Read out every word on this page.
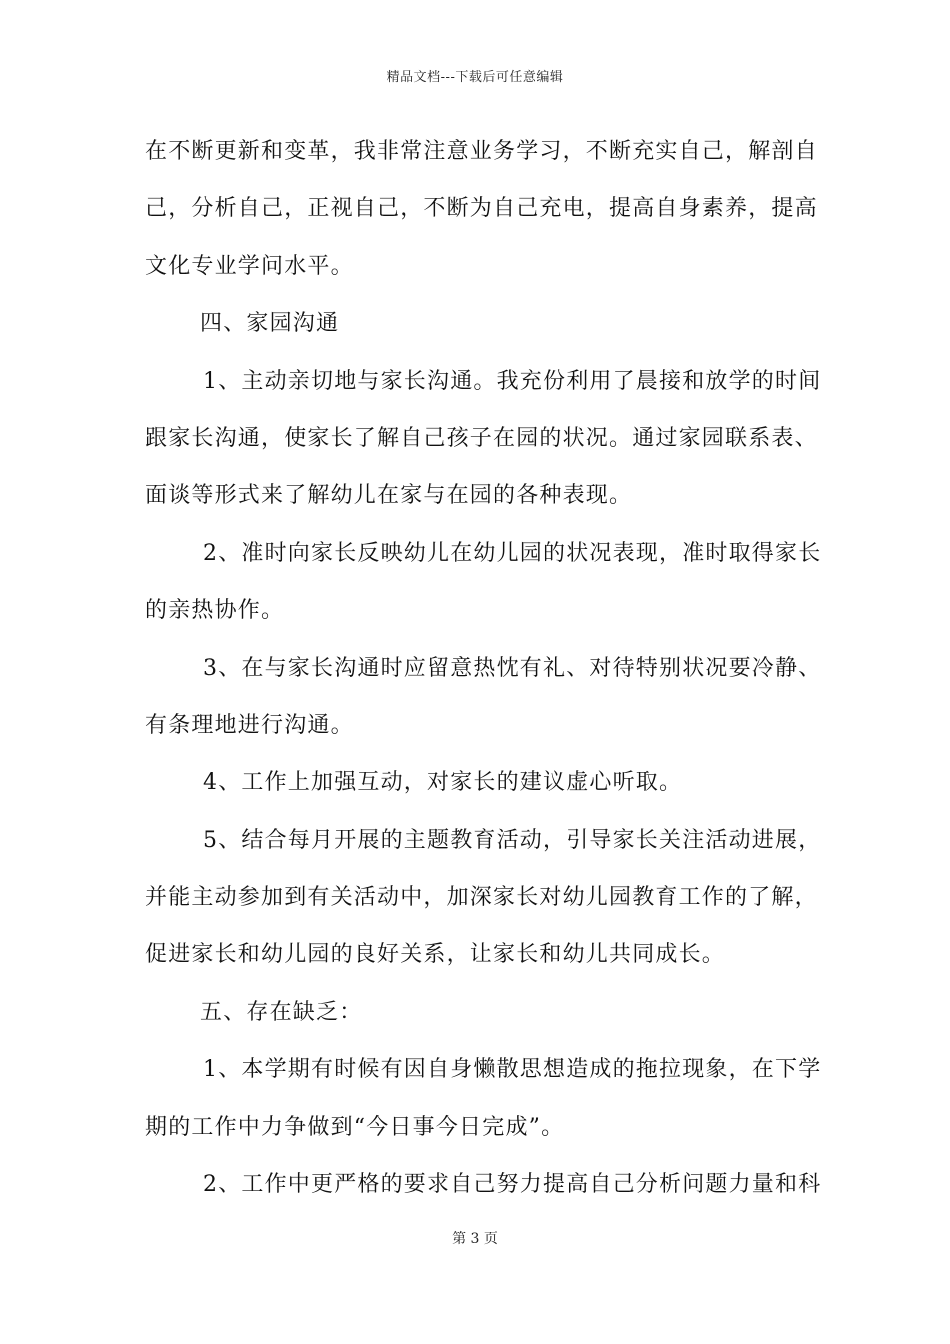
精品文档---下载后可任意编辑
在不断更新和变革，我非常注意业务学习，不断充实自己，解剖自
己，分析自己，正视自己，不断为自己充电，提高自身素养，提高
文化专业学问水平。
四、家园沟通
1、主动亲切地与家长沟通。我充份利用了晨接和放学的时间
跟家长沟通，使家长了解自己孩子在园的状况。通过家园联系表、
面谈等形式来了解幼儿在家与在园的各种表现。
2、准时向家长反映幼儿在幼儿园的状况表现，准时取得家长
的亲热协作。
3、在与家长沟通时应留意热忱有礼、对待特别状况要冷静、
有条理地进行沟通。
4、工作上加强互动，对家长的建议虚心听取。
5、结合每月开展的主题教育活动，引导家长关注活动进展，
并能主动参加到有关活动中，加深家长对幼儿园教育工作的了解，
促进家长和幼儿园的良好关系，让家长和幼儿共同成长。
五、存在缺乏：
1、本学期有时候有因自身懒散思想造成的拖拉现象，在下学
期的工作中力争做到“今日事今日完成”。
2、工作中更严格的要求自己努力提高自己分析问题力量和科
第 3 页
